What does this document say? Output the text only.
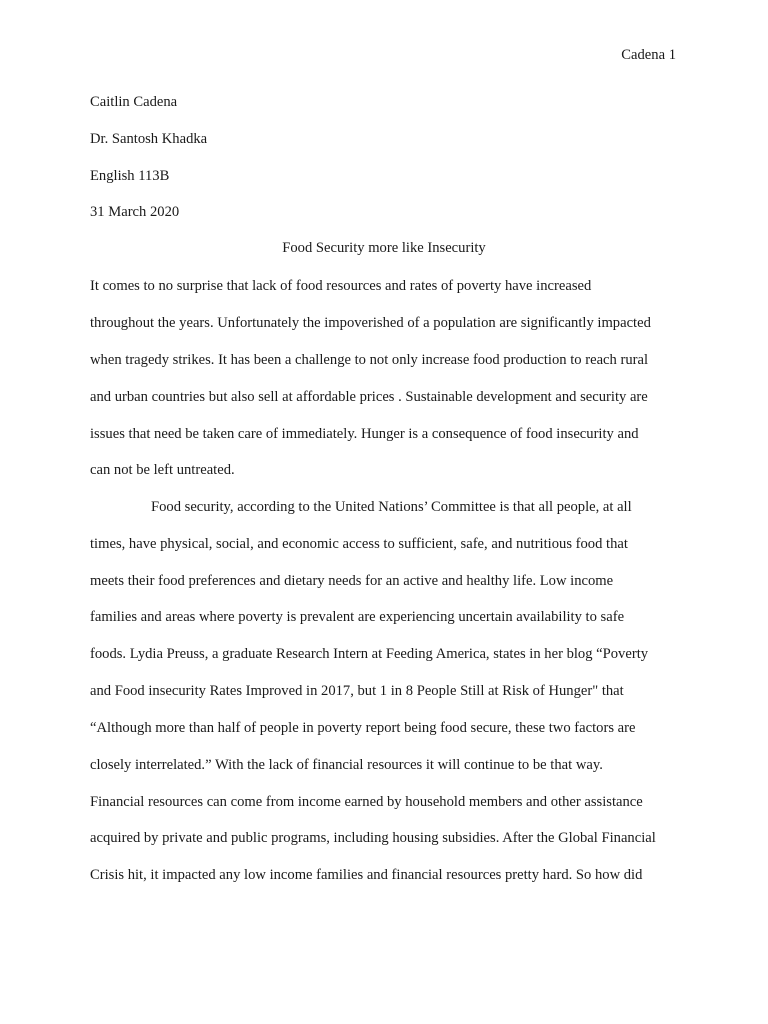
Cadena 1
Caitlin Cadena
Dr. Santosh Khadka
English 113B
31 March 2020
Food Security more like Insecurity
It comes to no surprise that lack of food resources and rates of poverty have increased
throughout the years. Unfortunately the impoverished of a population are significantly impacted
when tragedy strikes. It has been a challenge to not only increase food production to reach rural
and urban countries but also sell at affordable prices . Sustainable development and security are
issues that need be taken care of immediately. Hunger is a consequence of food insecurity and
can not be left untreated.
Food security, according to the United Nations’ Committee is that all people, at all
times, have physical, social, and economic access to sufficient, safe, and nutritious food that
meets their food preferences and dietary needs for an active and healthy life. Low income
families and areas where poverty is prevalent are experiencing uncertain availability to safe
foods. Lydia Preuss, a graduate Research Intern at Feeding America, states in her blog “Poverty
and Food insecurity Rates Improved in 2017, but 1 in 8 People Still at Risk of Hunger" that
“Although more than half of people in poverty report being food secure, these two factors are
closely interrelated.” With the lack of financial resources it will continue to be that way.
Financial resources can come from income earned by household members and other assistance
acquired by private and public programs, including housing subsidies. After the Global Financial
Crisis hit, it impacted any low income families and financial resources pretty hard. So how did
